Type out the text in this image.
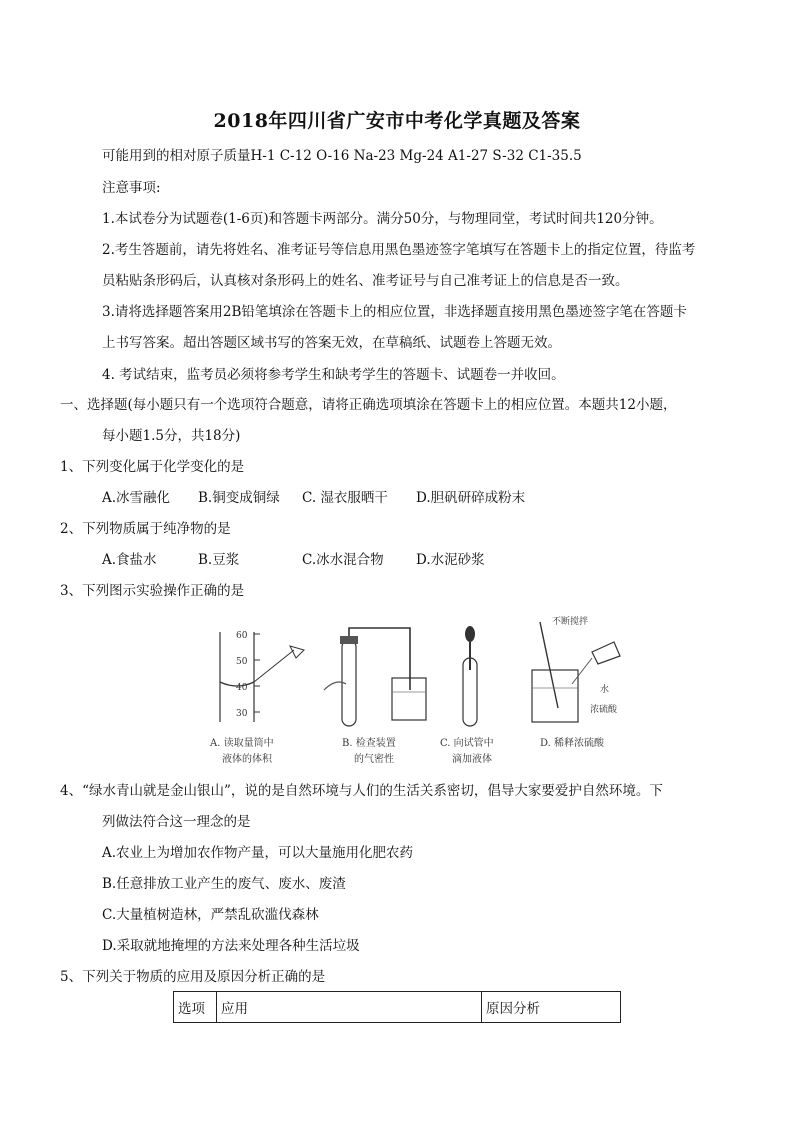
2018年四川省广安市中考化学真题及答案
可能用到的相对原子质量H-1 C-12 O-16 Na-23 Mg-24 A1-27 S-32 C1-35.5
注意事项:
1.本试卷分为试题卷(1-6页)和答题卡两部分。满分50分，与物理同堂，考试时间共120分钟。
2.考生答题前，请先将姓名、准考证号等信息用黑色墨迹签字笔填写在答题卡上的指定位置，待监考
员粘贴条形码后，认真核对条形码上的姓名、准考证号与自己准考证上的信息是否一致。
3.请将选择题答案用2B铅笔填涂在答题卡上的相应位置，非选择题直接用黑色墨迹签字笔在答题卡
上书写答案。超出答题区域书写的答案无效，在草稿纸、试题卷上答题无效。
4. 考试结束，监考员必须将参考学生和缺考学生的答题卡、试题卷一并收回。
一、选择题(每小题只有一个选项符合题意，请将正确选项填涂在答题卡上的相应位置。本题共12小题，
每小题1.5分，共18分)
1、下列变化属于化学变化的是
A.冰雪融化 B.铜变成铜绿 C. 湿衣服晒干 D.胆矾研碎成粉末
2、下列物质属于纯净物的是
A.食盐水	B.豆浆	C.冰水混合物 D.水泥砂浆
3、下列图示实验操作正确的是
60
50
40
30
不断搅拌
水
浓硫酸
A. 读取量筒中
液体的体积
B. 检查装置
的气密性
C. 向试管中
滴加液体
D. 稀释浓硫酸
4、“绿水青山就是金山银山”，说的是自然环境与人们的生活关系密切，倡导大家要爱护自然环境。下
列做法符合这一理念的是
A.农业上为增加农作物产量，可以大量施用化肥农药
B.任意排放工业产生的废气、废水、废渣
C.大量植树造林，严禁乱砍滥伐森林
D.采取就地掩埋的方法来处理各种生活垃圾
5、下列关于物质的应用及原因分析正确的是
选项	应用	原因分析
